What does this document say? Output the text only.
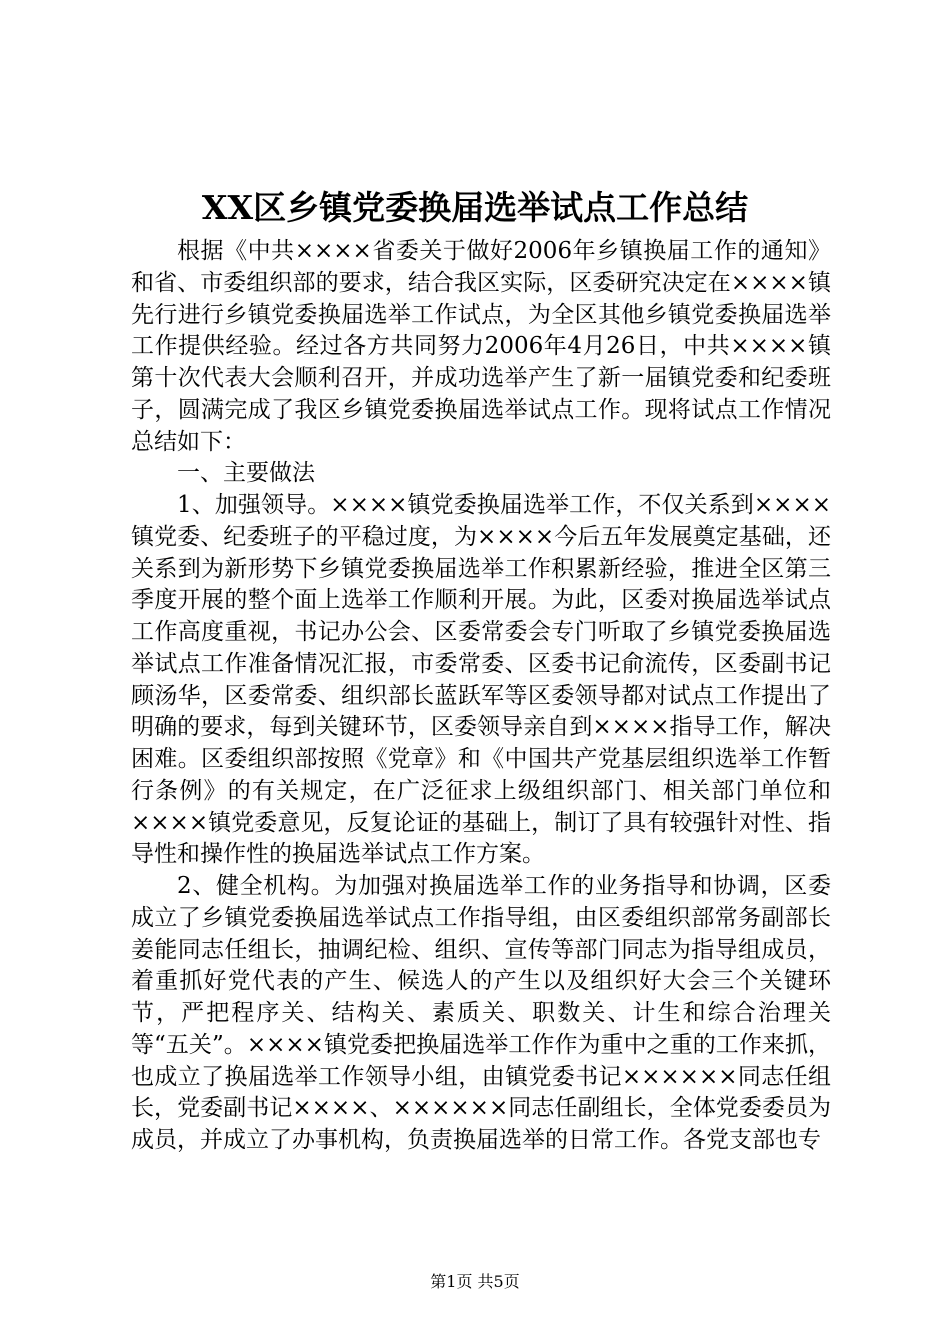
XX区乡镇党委换届选举试点工作总结

根据《中共××××省委关于做好2006年乡镇换届工作的通知》和省、市委组织部的要求，结合我区实际，区委研究决定在××××镇先行进行乡镇党委换届选举工作试点，为全区其他乡镇党委换届选举工作提供经验。经过各方共同努力2006年4月26日，中共××××镇第十次代表大会顺利召开，并成功选举产生了新一届镇党委和纪委班子，圆满完成了我区乡镇党委换届选举试点工作。现将试点工作情况总结如下：

一、主要做法

1、加强领导。××××镇党委换届选举工作，不仅关系到××××镇党委、纪委班子的平稳过度，为××××今后五年发展奠定基础，还关系到为新形势下乡镇党委换届选举工作积累新经验，推进全区第三季度开展的整个面上选举工作顺利开展。为此，区委对换届选举试点工作高度重视，书记办公会、区委常委会专门听取了乡镇党委换届选举试点工作准备情况汇报，市委常委、区委书记俞流传，区委副书记顾汤华，区委常委、组织部长蓝跃军等区委领导都对试点工作提出了明确的要求，每到关键环节，区委领导亲自到××××指导工作，解决困难。区委组织部按照《党章》和《中国共产党基层组织选举工作暂行条例》的有关规定，在广泛征求上级组织部门、相关部门单位和××××镇党委意见，反复论证的基础上，制订了具有较强针对性、指导性和操作性的换届选举试点工作方案。

2、健全机构。为加强对换届选举工作的业务指导和协调，区委成立了乡镇党委换届选举试点工作指导组，由区委组织部常务副部长姜能同志任组长，抽调纪检、组织、宣传等部门同志为指导组成员，着重抓好党代表的产生、候选人的产生以及组织好大会三个关键环节，严把程序关、结构关、素质关、职数关、计生和综合治理关等“五关”。××××镇党委把换届选举工作作为重中之重的工作来抓，也成立了换届选举工作领导小组，由镇党委书记××××××同志任组长，党委副书记××××、××××××同志任副组长，全体党委委员为成员，并成立了办事机构，负责换届选举的日常工作。各党支部也专

第1页 共5页
